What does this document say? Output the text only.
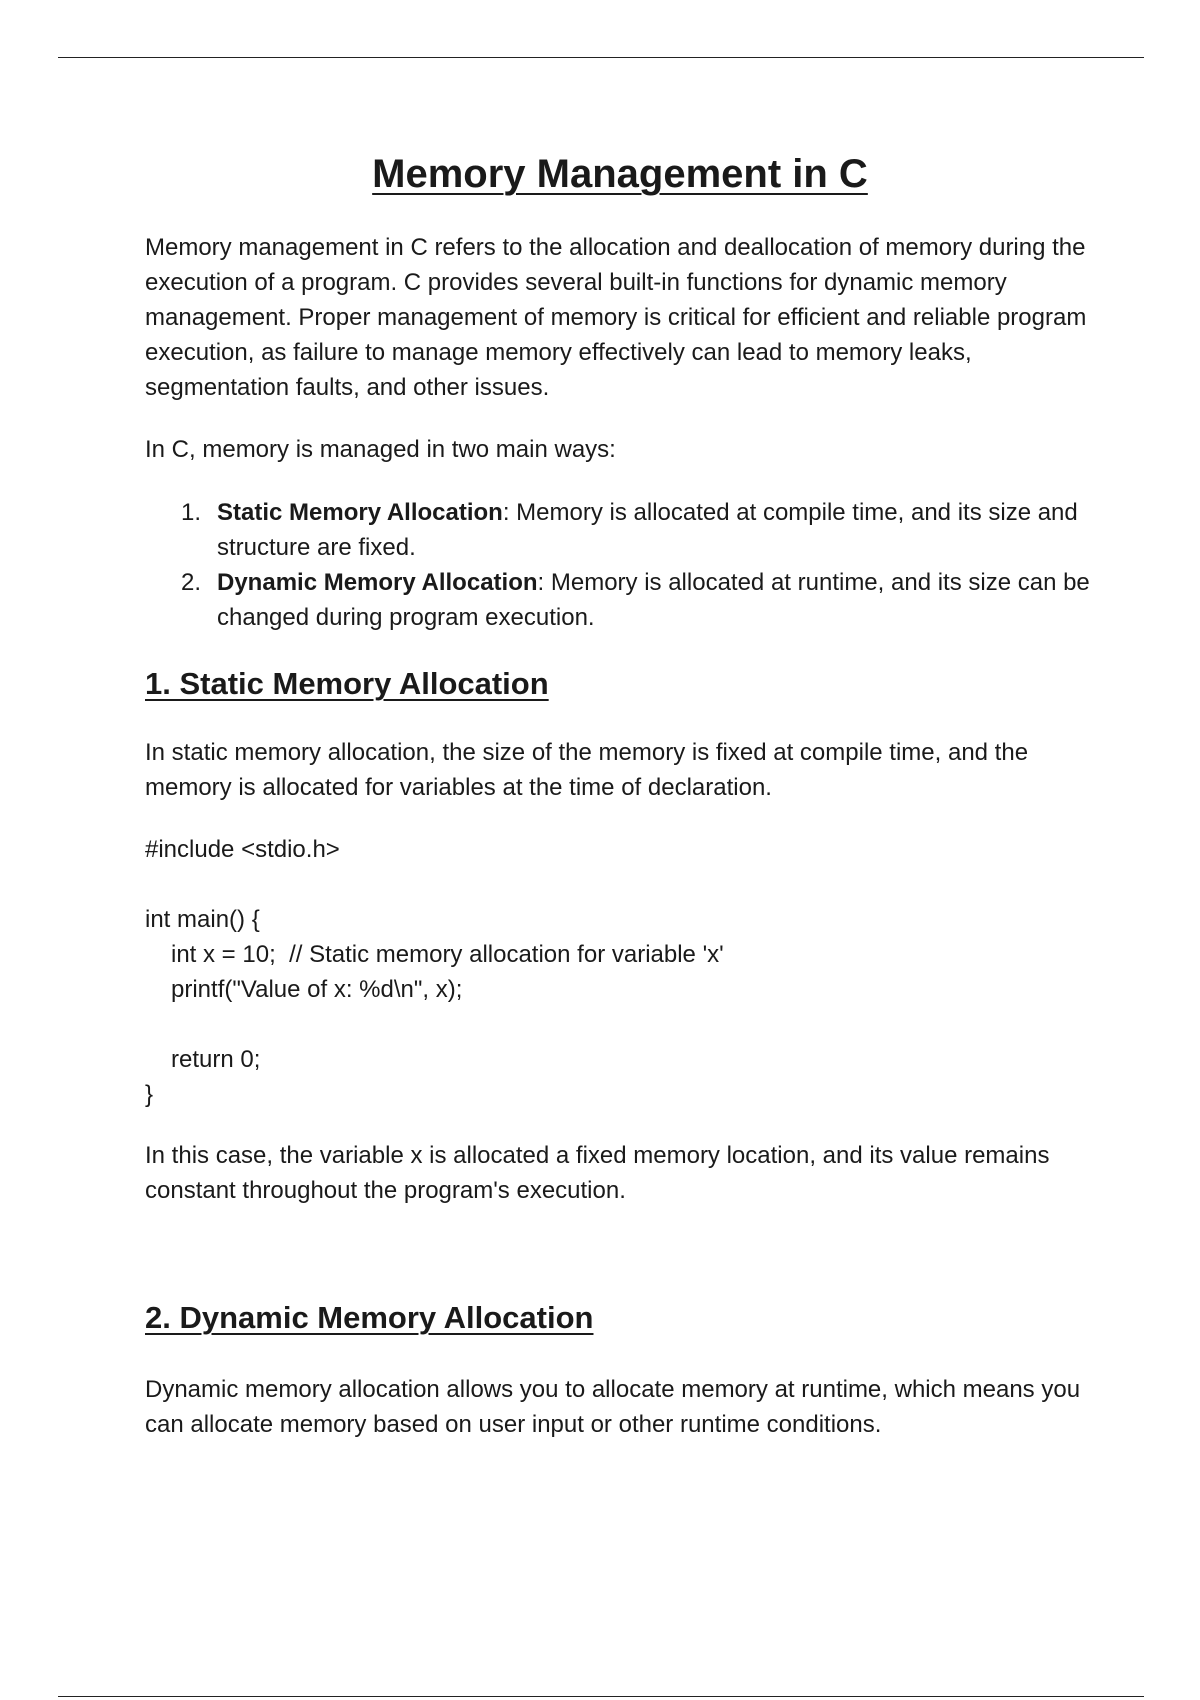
Memory Management in C

Memory management in C refers to the allocation and deallocation of memory during the execution of a program. C provides several built-in functions for dynamic memory management. Proper management of memory is critical for efficient and reliable program execution, as failure to manage memory effectively can lead to memory leaks, segmentation faults, and other issues.

In C, memory is managed in two main ways:

1. Static Memory Allocation: Memory is allocated at compile time, and its size and structure are fixed.
2. Dynamic Memory Allocation: Memory is allocated at runtime, and its size can be changed during program execution.
1. Static Memory Allocation

In static memory allocation, the size of the memory is fixed at compile time, and the memory is allocated for variables at the time of declaration.

#include <stdio.h>
int main() {
int x = 10;  // Static memory allocation for variable 'x'
printf("Value of x: %d\n", x);
return 0;
}

In this case, the variable x is allocated a fixed memory location, and its value remains constant throughout the program's execution.

2. Dynamic Memory Allocation

Dynamic memory allocation allows you to allocate memory at runtime, which means you can allocate memory based on user input or other runtime conditions.
